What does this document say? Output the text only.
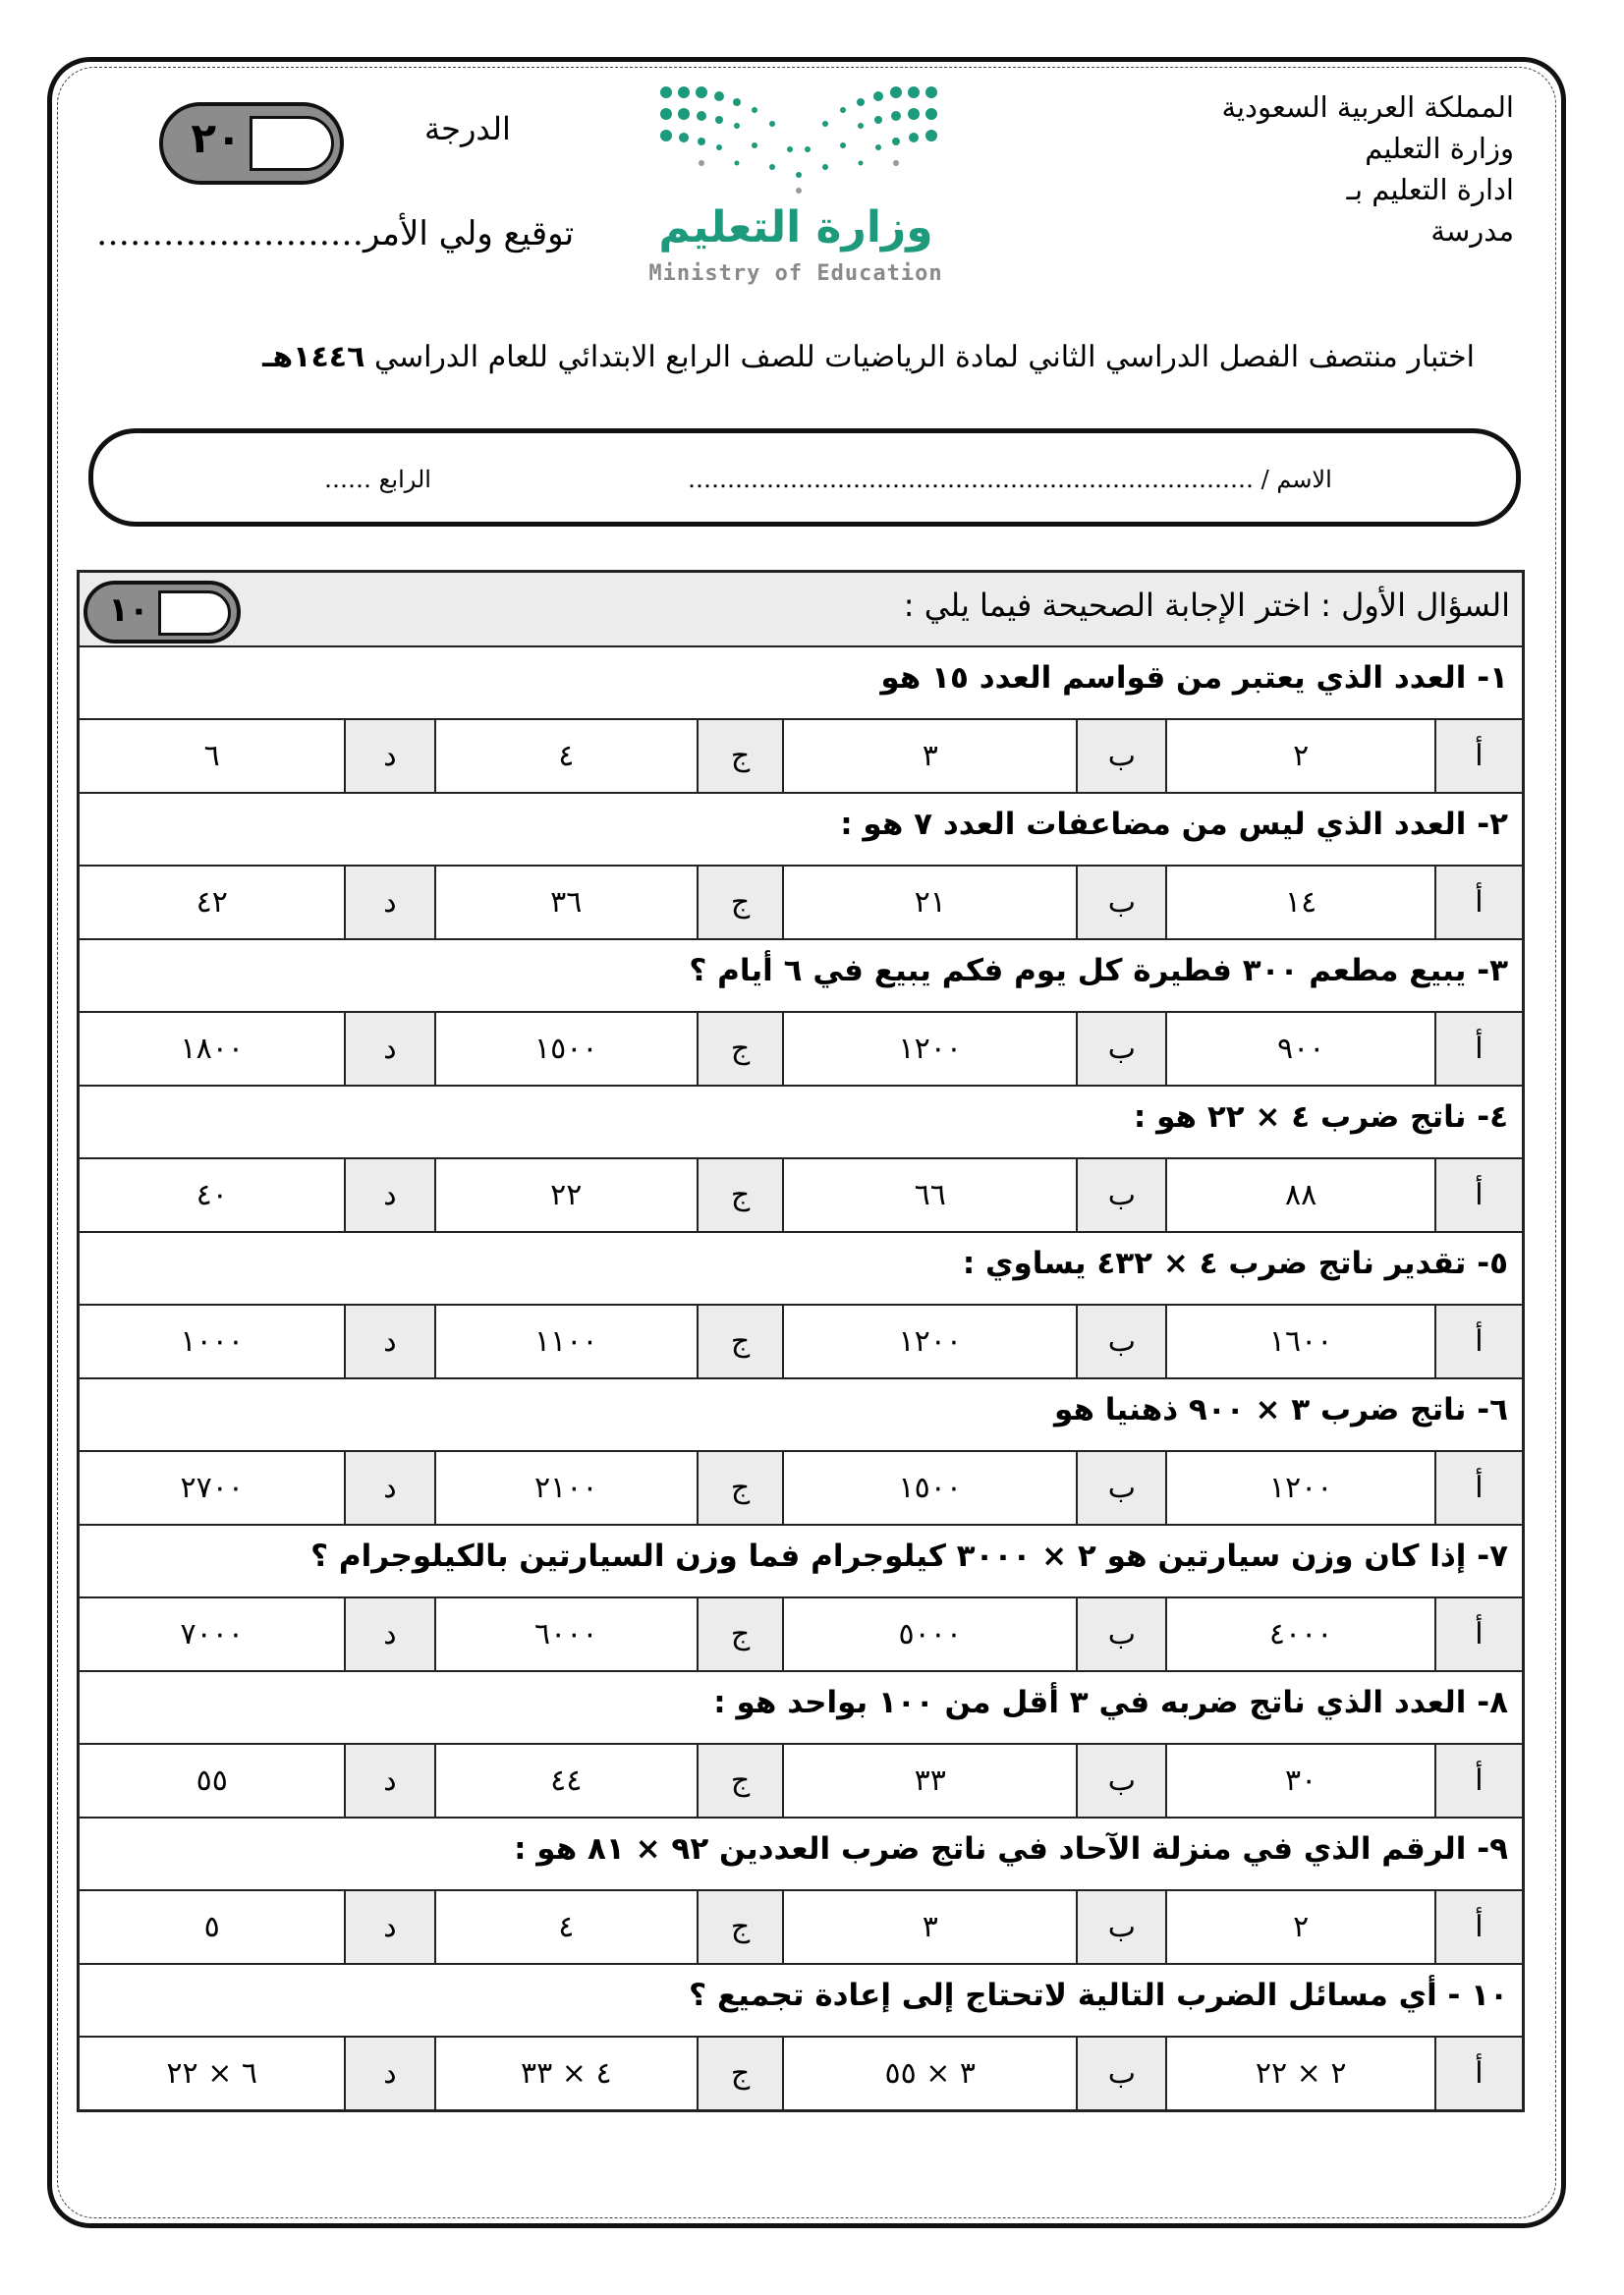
المملكة العربية السعودية
وزارة التعليم
ادارة التعليم بـ
مدرسة
وزارة التعليم
Ministry of Education
٢٠	الدرجة
توقيع ولي الأمر……………………
اختبار منتصف الفصل الدراسي الثاني لمادة الرياضيات للصف الرابع الابتدائي للعام الدراسي ١٤٤٦هـ
الاسم / ………………………………………………………………
الرابع ……
السؤال الأول : اختر الإجابة الصحيحة فيما يلي :
١٠
١- العدد الذي يعتبر من قواسم العدد ١٥ هو
أ
٢
ب
٣
ج
٤
د
٦
٢- العدد الذي ليس من مضاعفات العدد ٧ هو :
أ
١٤
ب
٢١
ج
٣٦
د
٤٢
٣- يبيع مطعم ٣٠٠ فطيرة كل يوم فكم يبيع في ٦ أيام ؟
أ
٩٠٠
ب
١٢٠٠
ج
١٥٠٠
د
١٨٠٠
٤- ناتج ضرب ٤ × ٢٢ هو :
أ
٨٨
ب
٦٦
ج
٢٢
د
٤٠
٥- تقدير ناتج ضرب ٤ × ٤٣٢ يساوي :
أ
١٦٠٠
ب
١٢٠٠
ج
١١٠٠
د
١٠٠٠
٦- ناتج ضرب ٣ × ٩٠٠ ذهنيا هو
أ
١٢٠٠
ب
١٥٠٠
ج
٢١٠٠
د
٢٧٠٠
٧- إذا كان وزن سيارتين هو ٢ × ٣٠٠٠ كيلوجرام فما وزن السيارتين بالكيلوجرام ؟
أ
٤٠٠٠
ب
٥٠٠٠
ج
٦٠٠٠
د
٧٠٠٠
٨- العدد الذي ناتج ضربه في ٣ أقل من ١٠٠ بواحد هو :
أ
٣٠
ب
٣٣
ج
٤٤
د
٥٥
٩- الرقم الذي في منزلة الآحاد في ناتج ضرب العددين ٩٢ × ٨١ هو :
أ
٢
ب
٣
ج
٤
د
٥
١٠ - أي مسائل الضرب التالية لاتحتاج إلى إعادة تجميع ؟
أ
٢ × ٢٢
ب
٣ × ٥٥
ج
٤ × ٣٣
د
٦ × ٢٢
